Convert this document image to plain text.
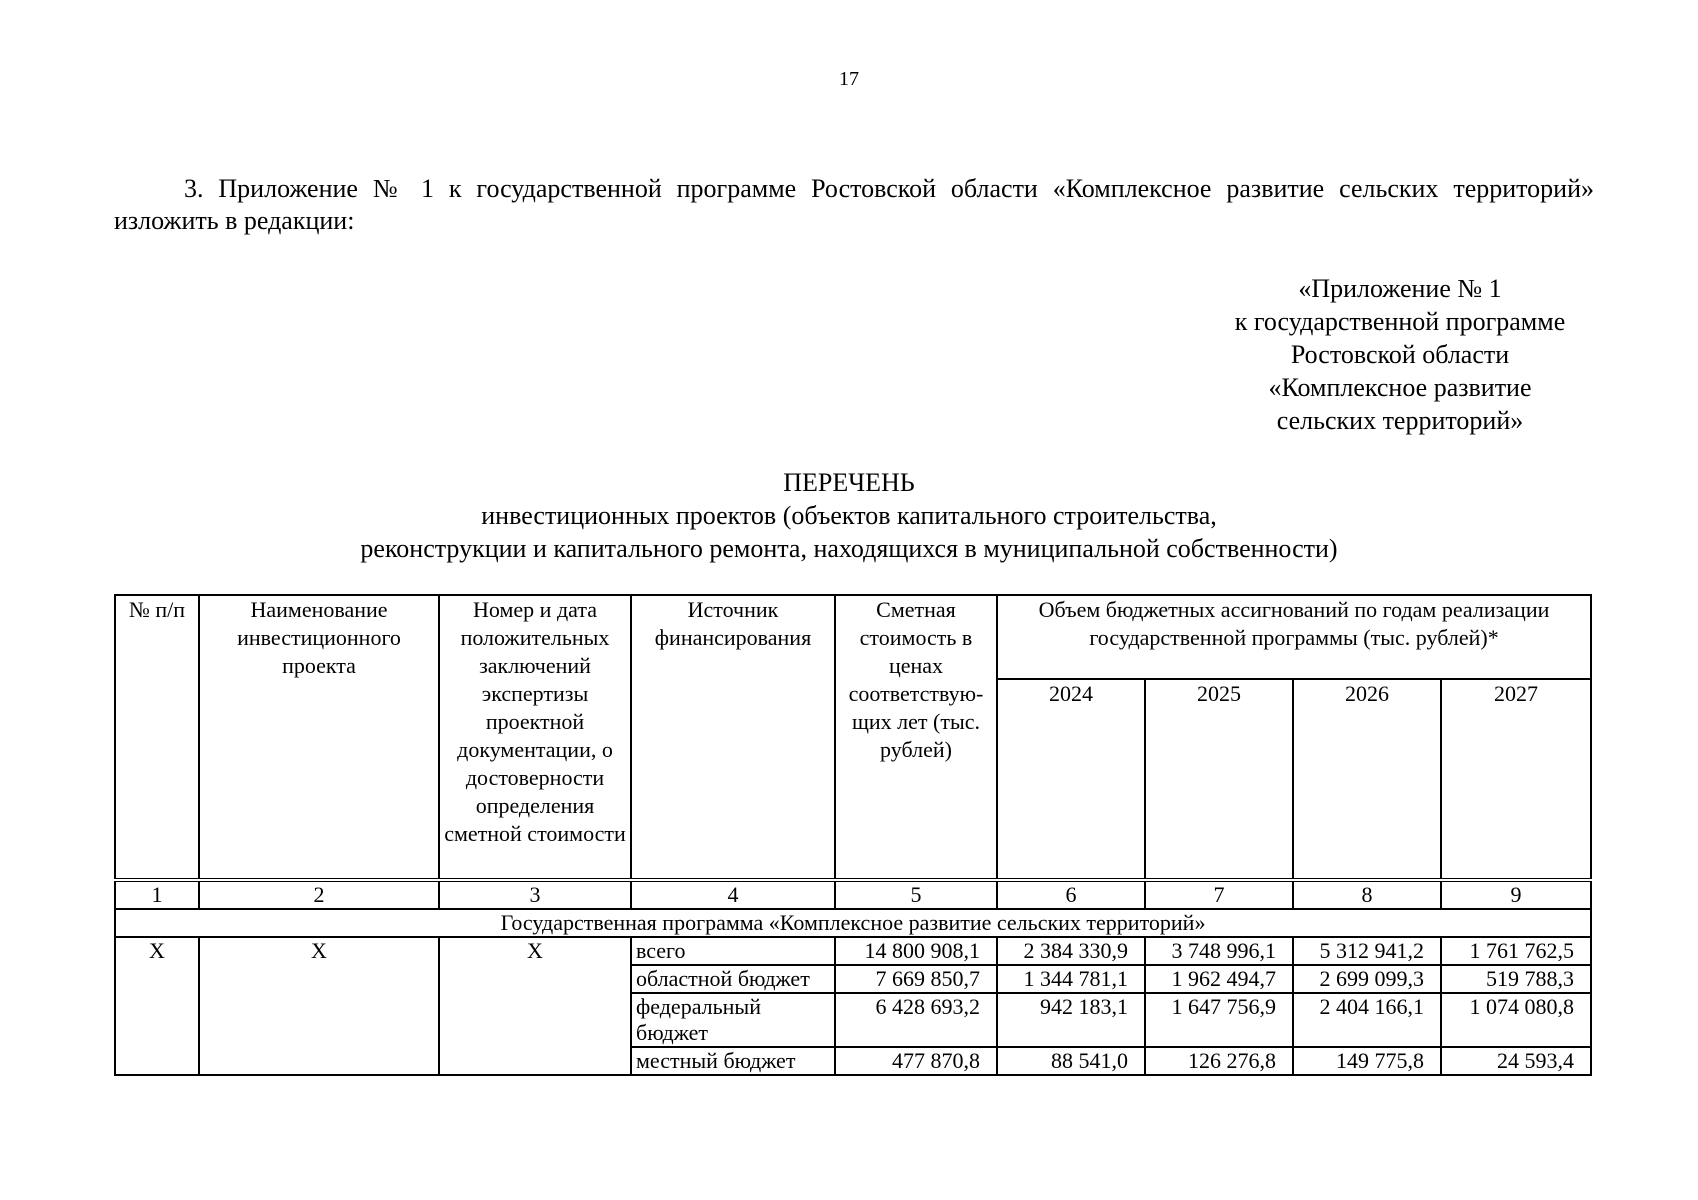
17

3. Приложение № 1 к государственной программе Ростовской области «Комплексное развитие сельских территорий» изложить в редакции:

«Приложение № 1
к государственной программе
Ростовской области
«Комплексное развитие
сельских территорий»
ПЕРЕЧЕНЬ
инвестиционных проектов (объектов капитального строительства,
реконструкции и капитального ремонта, находящихся в муниципальной собственности)
№ п/п	Наименование инвестиционного проекта	Номер и дата положительных заключений экспертизы проектной документации, о достоверности определения сметной стоимости	Источник финансирования	Сметная стоимость в ценах соответствую-щих лет (тыс. рублей)	Объем бюджетных ассигнований по годам реализации государственной программы (тыс. рублей)*			
					2024	2025	2026	2027
1	2	3	4	5	6	7	8	9
Государственная программа «Комплексное развитие сельских территорий»								
X	X	X	всего	14 800 908,1	2 384 330,9	3 748 996,1	5 312 941,2	1 761 762,5
			областной бюджет	7 669 850,7	1 344 781,1	1 962 494,7	2 699 099,3	519 788,3
			федеральный бюджет	6 428 693,2	942 183,1	1 647 756,9	2 404 166,1	1 074 080,8
			местный бюджет	477 870,8	88 541,0	126 276,8	149 775,8	24 593,4
